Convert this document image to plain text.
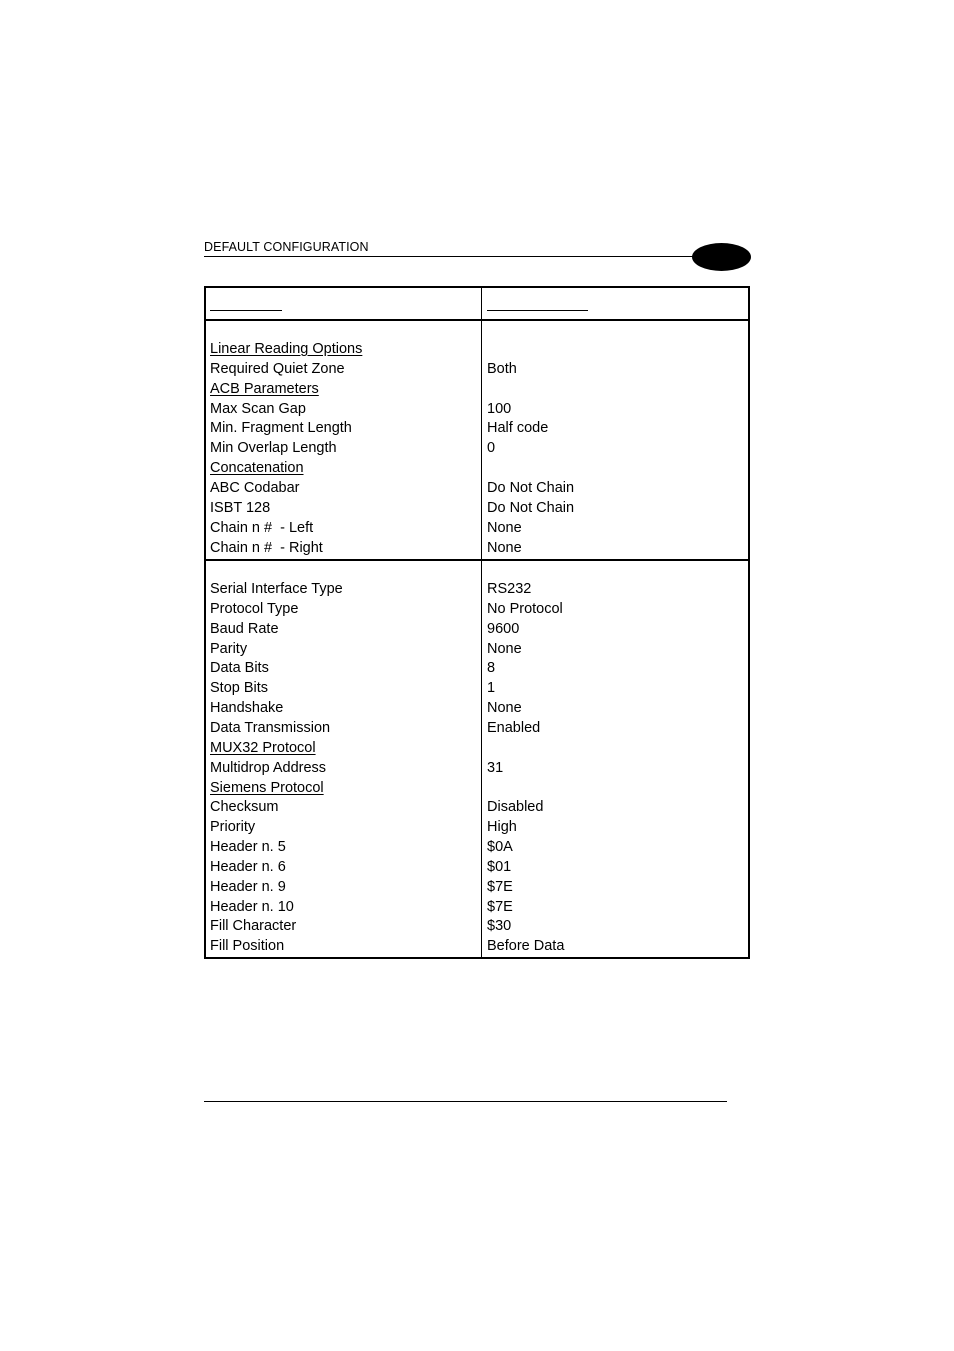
DEFAULT CONFIGURATION
Linear Reading Options
Required Quiet Zone	Both
ACB Parameters
Max Scan Gap	100
Min. Fragment Length	Half code
Min Overlap Length	0
Concatenation
ABC Codabar	Do Not Chain
ISBT 128	Do Not Chain
Chain n #  - Left	None
Chain n #  - Right	None
Serial Interface Type	RS232
Protocol Type	No Protocol
Baud Rate	9600
Parity	None
Data Bits	8
Stop Bits	1
Handshake	None
Data Transmission	Enabled
MUX32 Protocol
Multidrop Address	31
Siemens Protocol
Checksum	Disabled
Priority	High
Header n. 5	$0A
Header n. 6	$01
Header n. 9	$7E
Header n. 10	$7E
Fill Character	$30
Fill Position	Before Data
